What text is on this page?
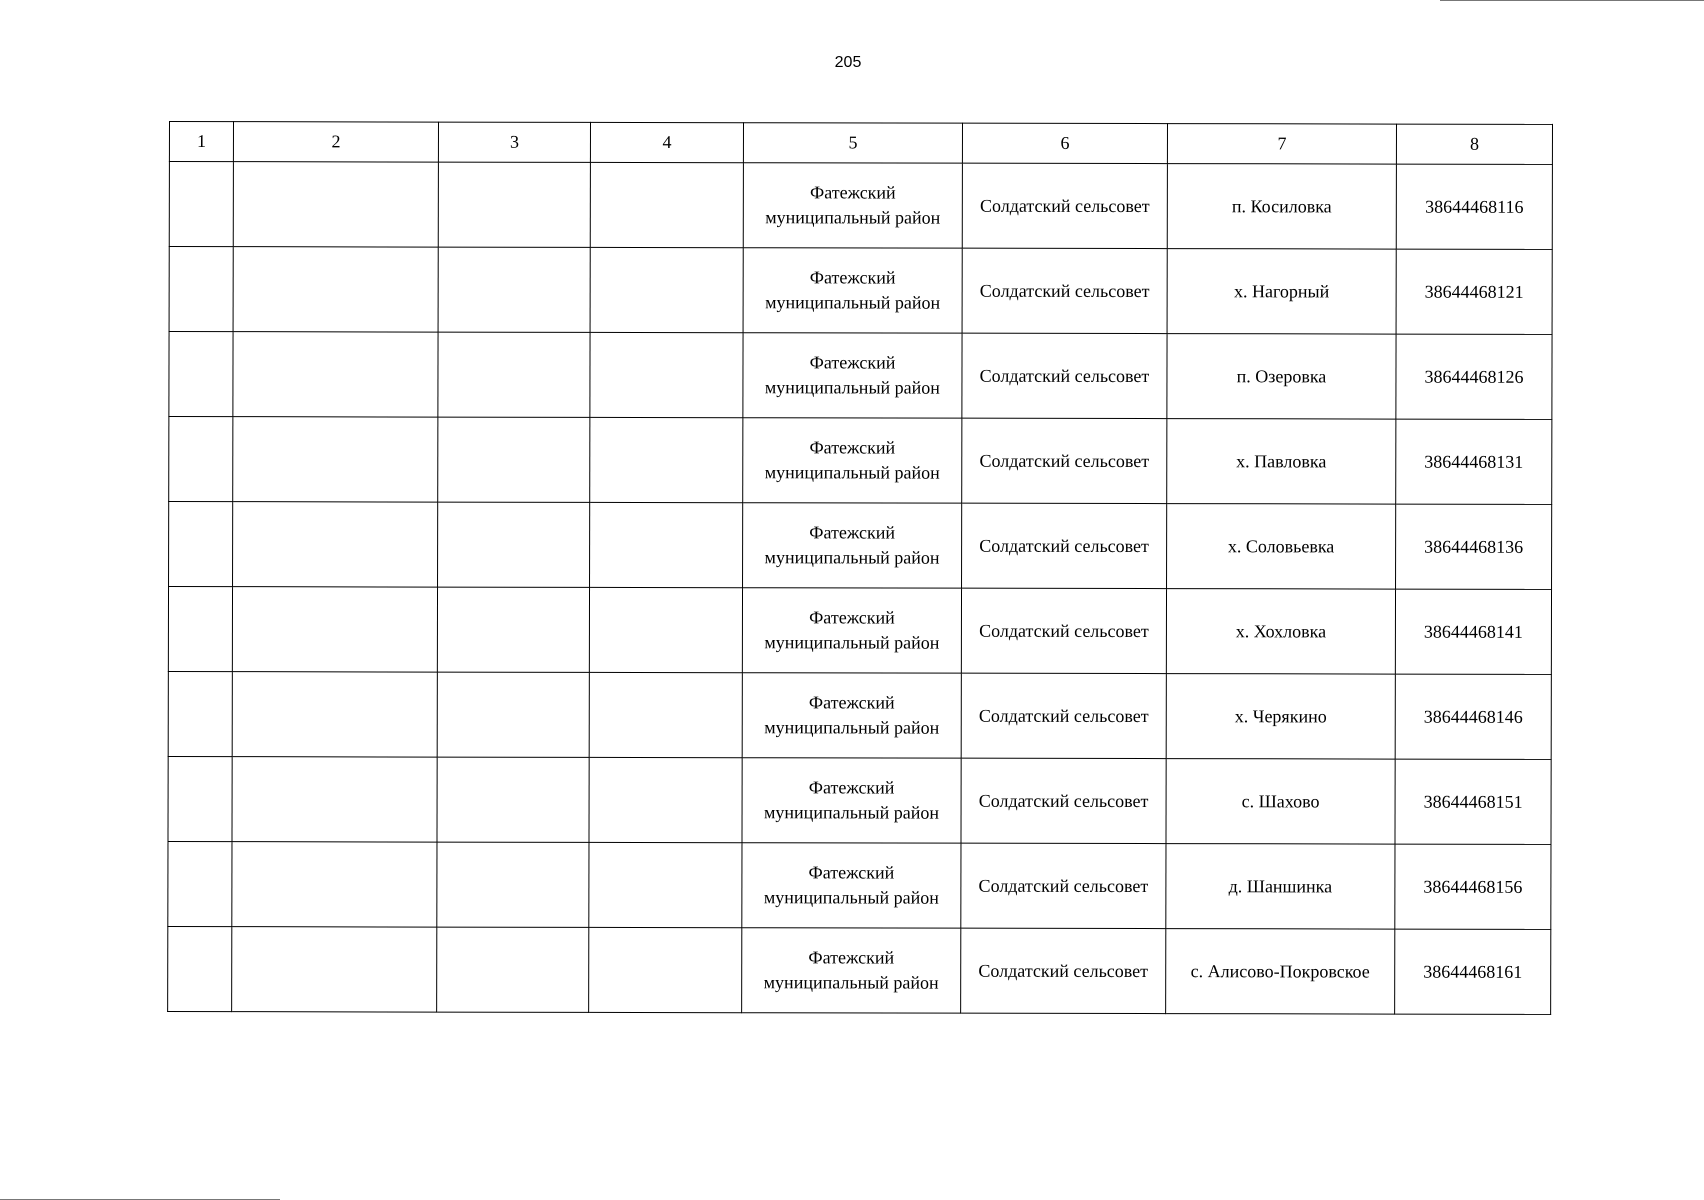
205
1	2	3	4	5	6	7	8
				Фатежский
муниципальный район	Солдатский сельсовет	п. Косиловка	38644468116
				Фатежский
муниципальный район	Солдатский сельсовет	х. Нагорный	38644468121
				Фатежский
муниципальный район	Солдатский сельсовет	п. Озеровка	38644468126
				Фатежский
муниципальный район	Солдатский сельсовет	х. Павловка	38644468131
				Фатежский
муниципальный район	Солдатский сельсовет	х. Соловьевка	38644468136
				Фатежский
муниципальный район	Солдатский сельсовет	х. Хохловка	38644468141
				Фатежский
муниципальный район	Солдатский сельсовет	х. Черякино	38644468146
				Фатежский
муниципальный район	Солдатский сельсовет	с. Шахово	38644468151
				Фатежский
муниципальный район	Солдатский сельсовет	д. Шаншинка	38644468156
				Фатежский
муниципальный район	Солдатский сельсовет	с. Алисово-Покровское	38644468161
